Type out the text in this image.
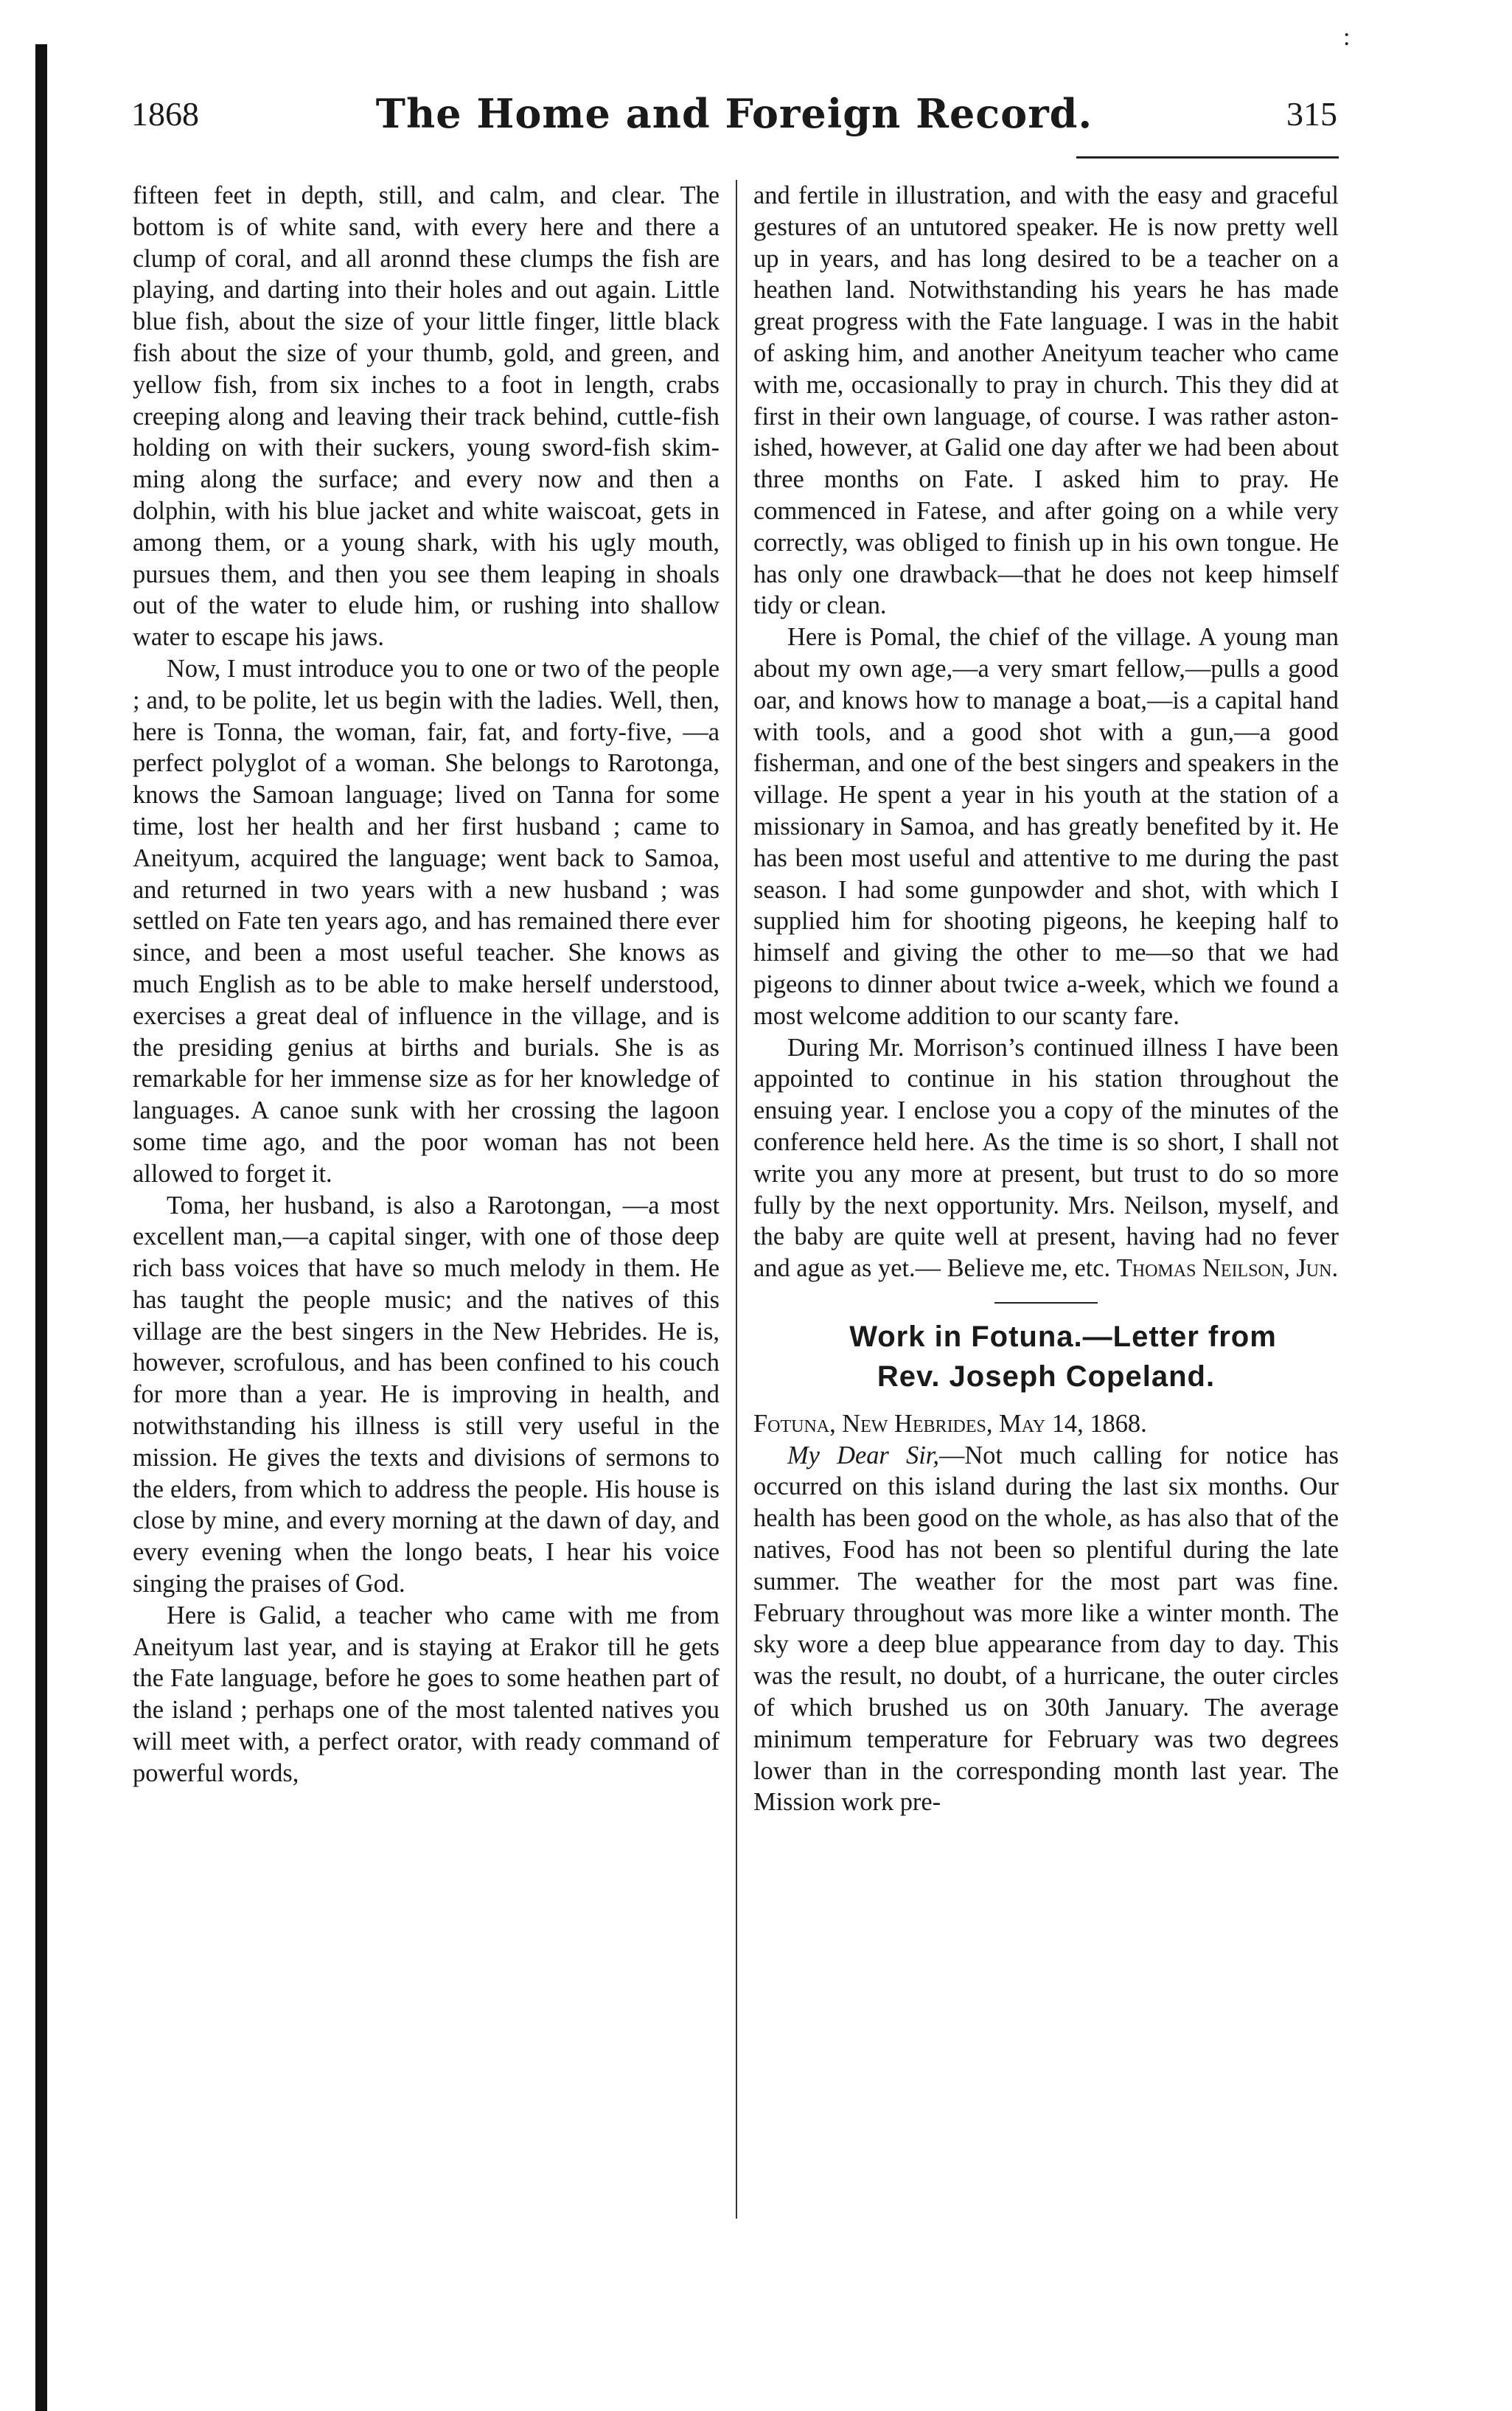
:
1868	The Home and Foreign Record.	315

fifteen feet in depth, still, and calm, and clear. The bottom is of white sand, with every here and there a clump of coral, and all aronnd these clumps the fish are playing, and darting into their holes and out again. Little blue fish, about the size of your little finger, little black fish about the size of your thumb, gold, and green, and yellow fish, from six inches to a foot in length, crabs creeping along and leaving their track behind, cuttle-fish holding on with their suckers, young sword-fish skimming along the surface; and every now and then a dolphin, with his blue jacket and white waiscoat, gets in among them, or a young shark, with his ugly mouth, pursues them, and then you see them leaping in shoals out of the water to elude him, or rushing into shallow water to escape his jaws.

Now, I must introduce you to one or two of the people ; and, to be polite, let us begin with the ladies. Well, then, here is Tonna, the woman, fair, fat, and forty-five, —a perfect polyglot of a woman. She belongs to Rarotonga, knows the Samoan language; lived on Tanna for some time, lost her health and her first husband ; came to Aneityum, acquired the language; went back to Samoa, and returned in two years with a new husband ; was settled on Fate ten years ago, and has remained there ever since, and been a most useful teacher. She knows as much English as to be able to make herself understood, exercises a great deal of influence in the village, and is the presiding genius at births and burials. She is as remarkable for her immense size as for her knowledge of languages. A canoe sunk with her crossing the lagoon some time ago, and the poor woman has not been allowed to forget it.

Toma, her husband, is also a Rarotongan, —a most excellent man,—a capital singer, with one of those deep rich bass voices that have so much melody in them. He has taught the people music; and the natives of this village are the best singers in the New Hebrides. He is, however, scrofulous, and has been confined to his couch for more than a year. He is improving in health, and notwithstanding his illness is still very useful in the mission. He gives the texts and divisions of sermons to the elders, from which to address the people. His house is close by mine, and every morning at the dawn of day, and every evening when the longo beats, I hear his voice singing the praises of God.

Here is Galid, a teacher who came with me from Aneityum last year, and is staying at Erakor till he gets the Fate language, before he goes to some heathen part of the island ; perhaps one of the most talented natives you will meet with, a perfect orator, with ready command of powerful words,

and fertile in illustration, and with the easy and graceful gestures of an untutored speaker. He is now pretty well up in years, and has long desired to be a teacher on a heathen land. Notwithstanding his years he has made great progress with the Fate language. I was in the habit of asking him, and another Aneityum teacher who came with me, occasionally to pray in church. This they did at first in their own language, of course. I was rather astonished, however, at Galid one day after we had been about three months on Fate. I asked him to pray. He commenced in Fatese, and after going on a while very correctly, was obliged to finish up in his own tongue. He has only one drawback—that he does not keep himself tidy or clean.

Here is Pomal, the chief of the village. A young man about my own age,—a very smart fellow,—pulls a good oar, and knows how to manage a boat,—is a capital hand with tools, and a good shot with a gun,—a good fisherman, and one of the best singers and speakers in the village. He spent a year in his youth at the station of a missionary in Samoa, and has greatly benefited by it. He has been most useful and attentive to me during the past season. I had some gunpowder and shot, with which I supplied him for shooting pigeons, he keeping half to himself and giving the other to me—so that we had pigeons to dinner about twice a-week, which we found a most welcome addition to our scanty fare.

During Mr. Morrison’s continued illness I have been appointed to continue in his station throughout the ensuing year. I enclose you a copy of the minutes of the conference held here. As the time is so short, I shall not write you any more at present, but trust to do so more fully by the next opportunity. Mrs. Neilson, myself, and the baby are quite well at present, having had no fever and ague as yet.— Believe me, etc. Thomas Neilson, Jun.

Work in Fotuna.—Letter from
Rev. Joseph Copeland.

Fotuna, New Hebrides, May 14, 1868.

My Dear Sir,—Not much calling for notice has occurred on this island during the last six months. Our health has been good on the whole, as has also that of the natives, Food has not been so plentiful during the late summer. The weather for the most part was fine. February throughout was more like a winter month. The sky wore a deep blue appearance from day to day. This was the result, no doubt, of a hurricane, the outer circles of which brushed us on 30th January. The average minimum temperature for February was two degrees lower than in the corresponding month last year. The Mission work pre-
